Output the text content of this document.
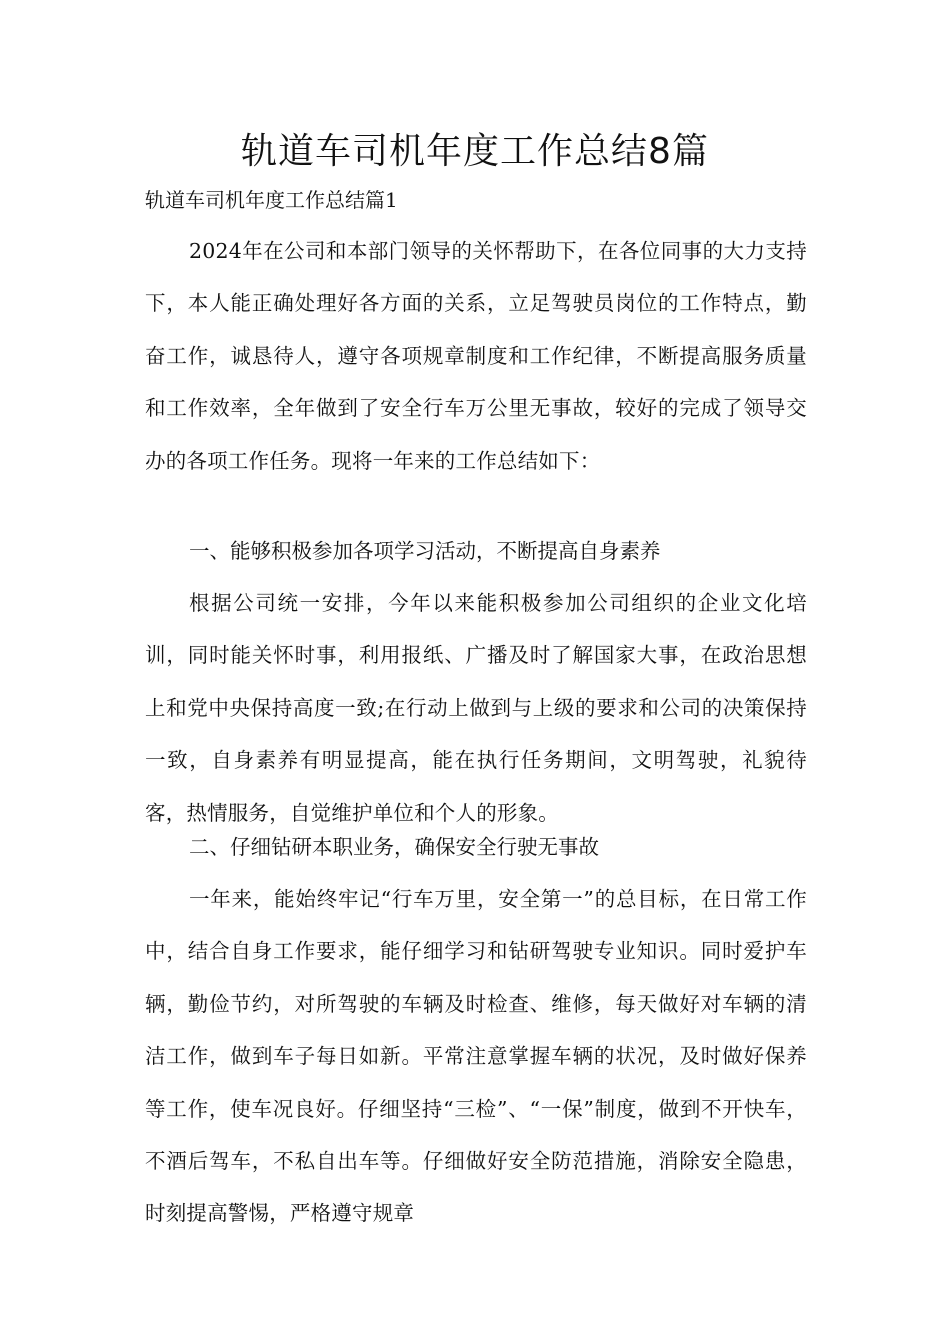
轨道车司机年度工作总结8篇

轨道车司机年度工作总结篇1

2024年在公司和本部门领导的关怀帮助下，在各位同事的大力支持下，本人能正确处理好各方面的关系，立足驾驶员岗位的工作特点，勤奋工作，诚恳待人，遵守各项规章制度和工作纪律，不断提高服务质量和工作效率，全年做到了安全行车万公里无事故，较好的完成了领导交办的各项工作任务。现将一年来的工作总结如下：

一、能够积极参加各项学习活动，不断提高自身素养

根据公司统一安排，今年以来能积极参加公司组织的企业文化培训，同时能关怀时事，利用报纸、广播及时了解国家大事，在政治思想上和党中央保持高度一致;在行动上做到与上级的要求和公司的决策保持一致，自身素养有明显提高，能在执行任务期间，文明驾驶，礼貌待客，热情服务，自觉维护单位和个人的形象。

二、仔细钻研本职业务，确保安全行驶无事故

一年来，能始终牢记“行车万里，安全第一”的总目标，在日常工作中，结合自身工作要求，能仔细学习和钻研驾驶专业知识。同时爱护车辆，勤俭节约，对所驾驶的车辆及时检查、维修，每天做好对车辆的清洁工作，做到车子每日如新。平常注意掌握车辆的状况，及时做好保养等工作，使车况良好。仔细坚持“三检”、“一保”制度，做到不开快车，不酒后驾车，不私自出车等。仔细做好安全防范措施，消除安全隐患，时刻提高警惕，严格遵守规章
